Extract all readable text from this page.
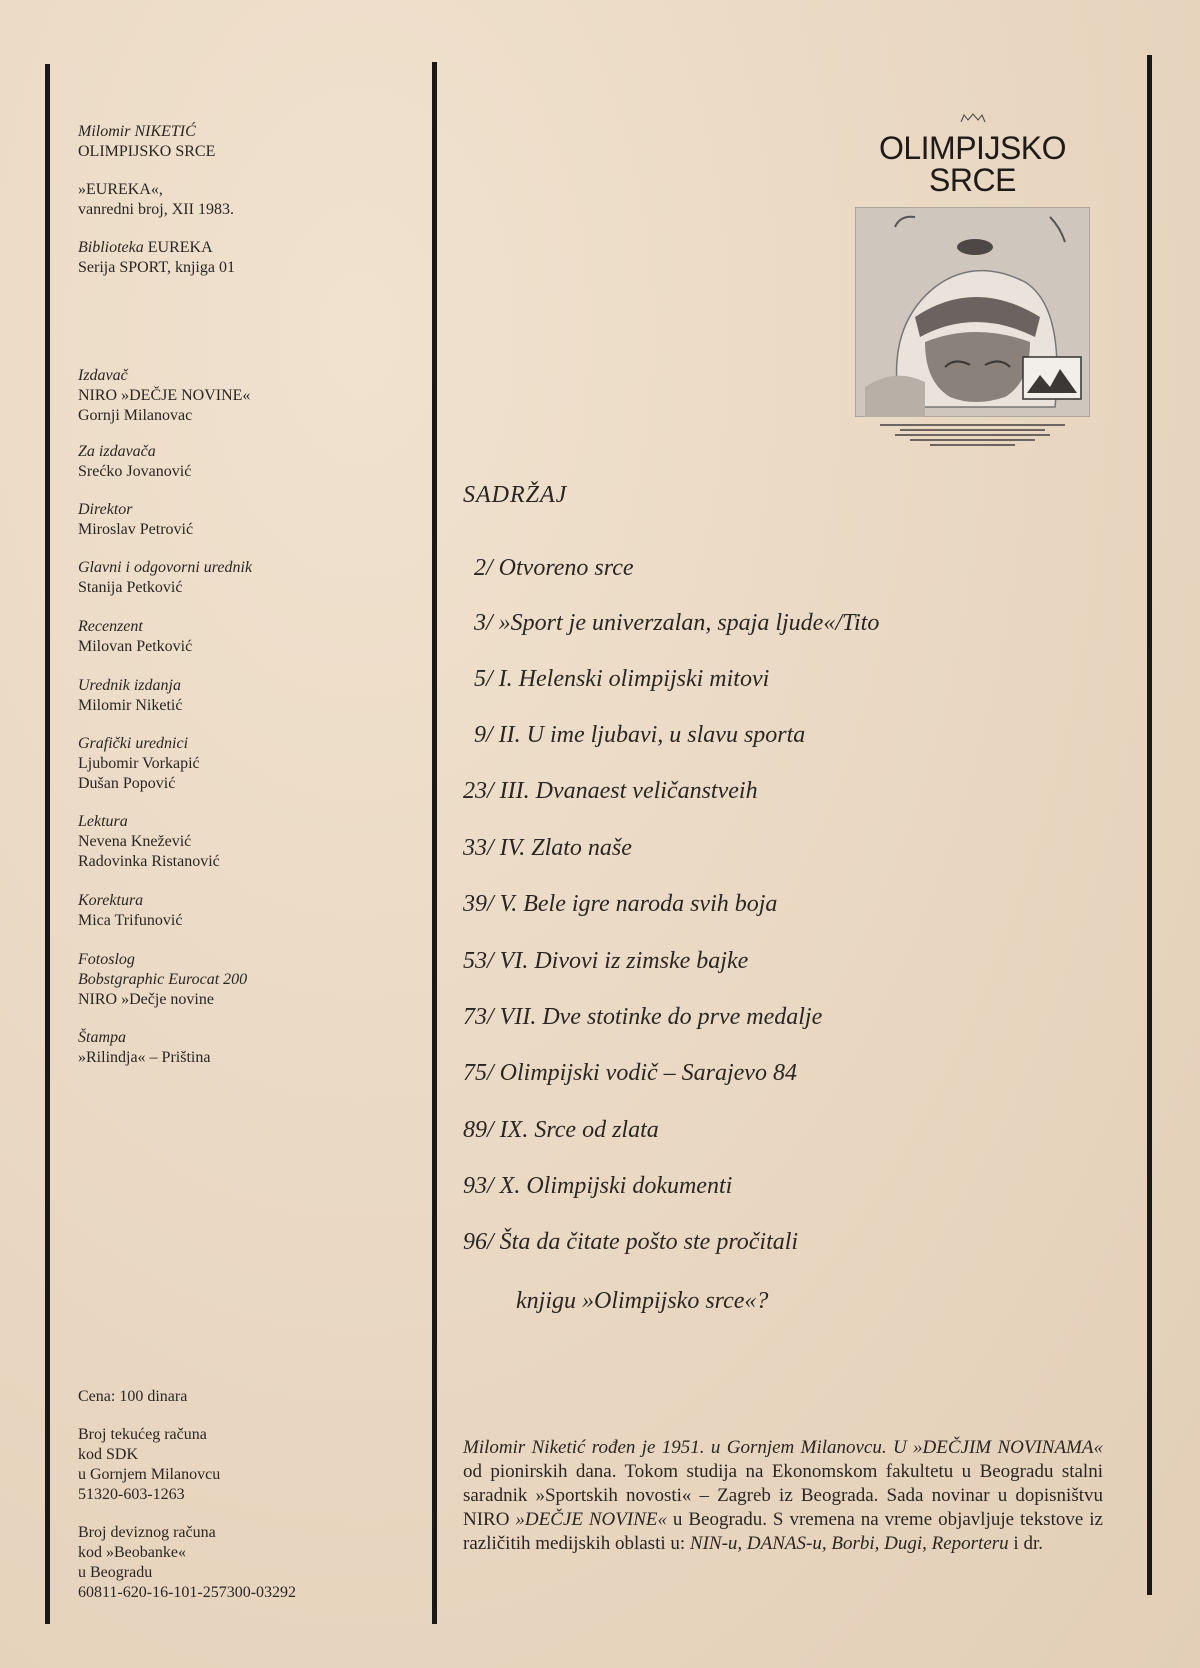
Milomir NIKETIĆ
OLIMPIJSKO SRCE
»EUREKA«,
vanredni broj, XII 1983.
Biblioteka EUREKA
Serija SPORT, knjiga 01
Izdavač
NIRO »DEČJE NOVINE«
Gornji Milanovac
Za izdavača
Srećko Jovanović
Direktor
Miroslav Petrović
Glavni i odgovorni urednik
Stanija Petković
Recenzent
Milovan Petković
Urednik izdanja
Milomir Niketić
Grafički urednici
Ljubomir Vorkapić
Dušan Popović
Lektura
Nevena Knežević
Radovinka Ristanović
Korektura
Mica Trifunović
Fotoslog
Bobstgraphic Eurocat 200
NIRO »Dečje novine
Štampa
»Rilindja« – Priština
Cena: 100 dinara
Broj tekućeg računa
kod SDK
u Gornjem Milanovcu
51320-603-1263
Broj deviznog računa
kod »Beobanke«
u Beogradu
60811-620-16-101-257300-03292
OLIMPIJSKO
SRCE
SADRŽAJ
2/ Otvoreno srce
3/ »Sport je univerzalan, spaja ljude«/Tito
5/ I. Helenski olimpijski mitovi
9/ II. U ime ljubavi, u slavu sporta
23/ III. Dvanaest veličanstveih
33/ IV. Zlato naše
39/ V. Bele igre naroda svih boja
53/ VI. Divovi iz zimske bajke
73/ VII. Dve stotinke do prve medalje
75/ Olimpijski vodič – Sarajevo 84
89/ IX. Srce od zlata
93/ X. Olimpijski dokumenti
96/ Šta da čitate pošto ste pročitali
knjigu »Olimpijsko srce«?
Milomir Niketić rođen je 1951. u Gornjem Milanovcu. U »DEČJIM NOVINAMA« od pionirskih dana. Tokom studija na Ekonomskom fakultetu u Beogradu stalni saradnik »Sportskih novosti« – Zagreb iz Beograda. Sada novinar u dopisništvu NIRO »DEČJE NOVINE« u Beogradu. S vremena na vreme objavljuje tekstove iz različitih medijskih oblasti u: NIN-u, DANAS-u, Borbi, Dugi, Reporteru i dr.
